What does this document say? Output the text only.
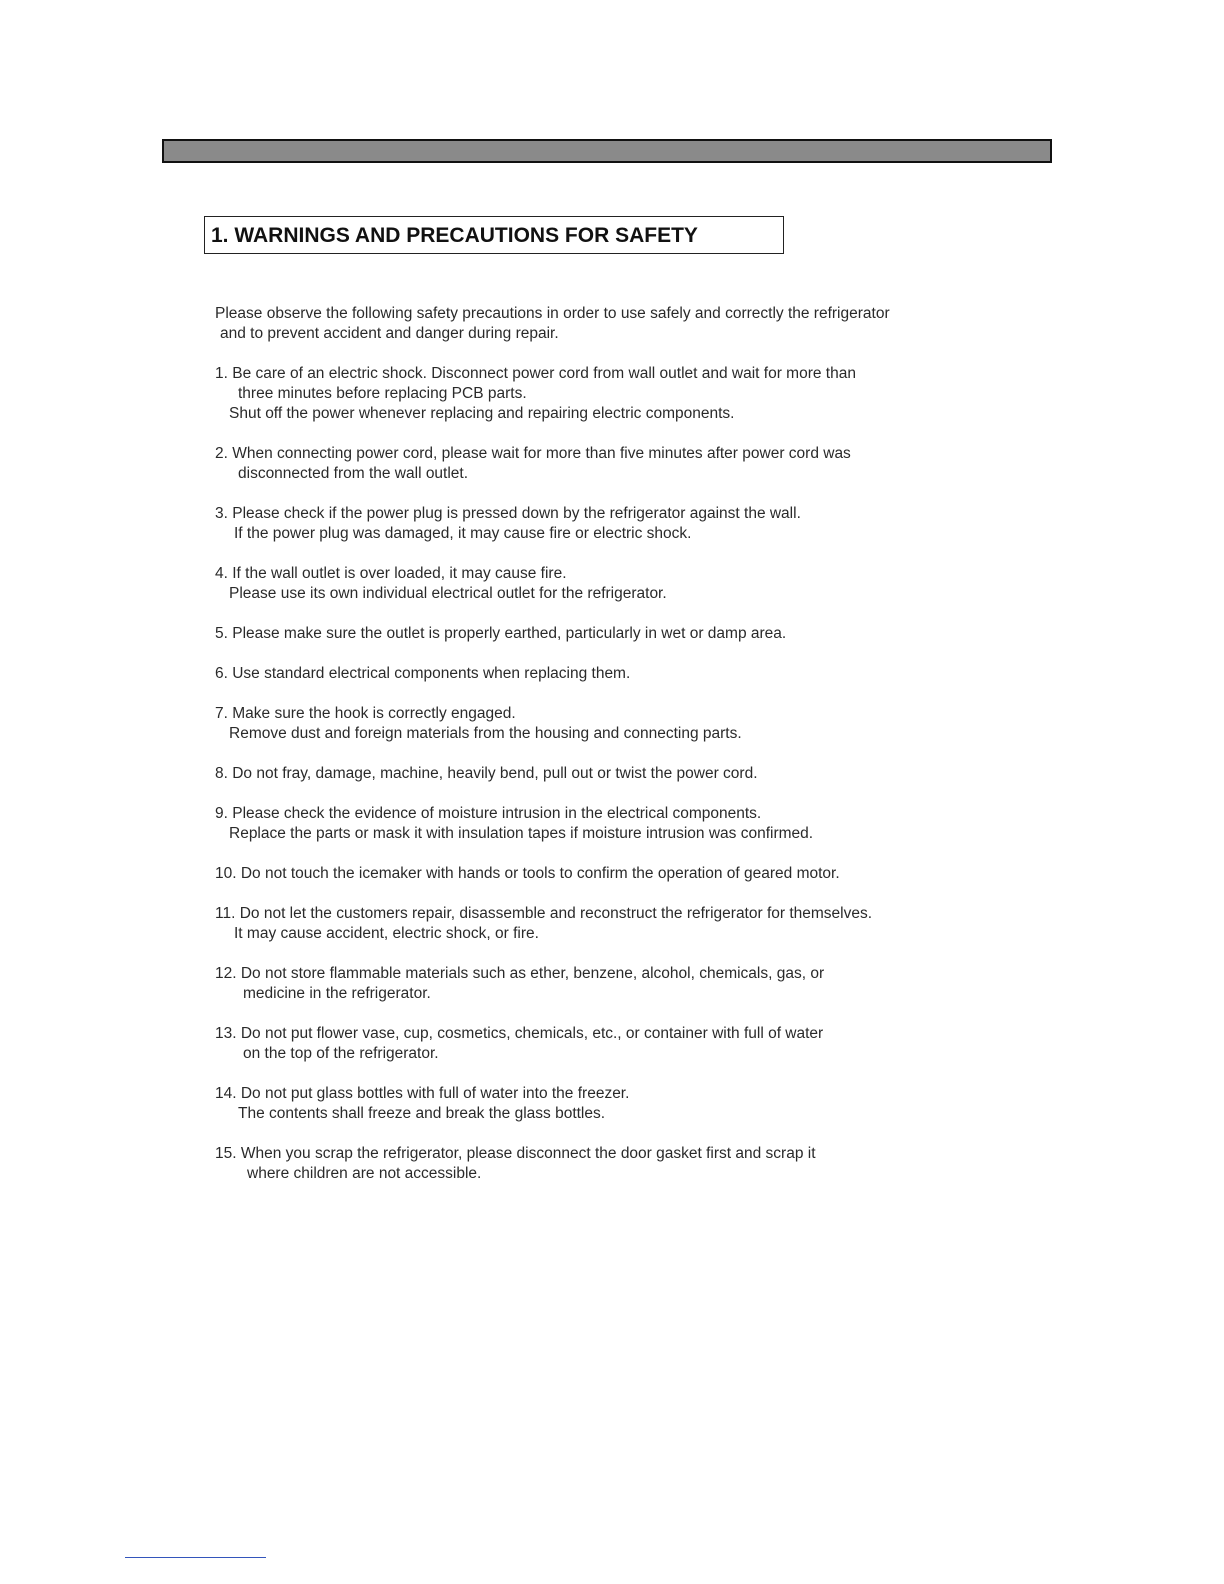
1. WARNINGS AND PRECAUTIONS FOR SAFETY
Please observe the following safety precautions in order to use safely and correctly the refrigerator
and to prevent accident and danger during repair.
1. Be care of an electric shock. Disconnect power cord from wall outlet and wait for more than
three minutes before replacing PCB parts.
Shut off the power whenever replacing and repairing electric components.
2. When connecting power cord, please wait for more than five minutes after power cord was
disconnected from the wall outlet.
3. Please check if the power plug is pressed down by the refrigerator against the wall.
If the power plug was damaged, it may cause fire or electric shock.
4. If the wall outlet is over loaded, it may cause fire.
Please use its own individual electrical outlet for the refrigerator.
5. Please make sure the outlet is properly earthed, particularly in wet or damp area.
6. Use standard electrical components when replacing them.
7. Make sure the hook is correctly engaged.
Remove dust and foreign materials from the housing and connecting parts.
8. Do not fray, damage, machine, heavily bend, pull out or twist the power cord.
9. Please check the evidence of moisture intrusion in the electrical components.
Replace the parts or mask it with insulation tapes if moisture intrusion was confirmed.
10. Do not touch the icemaker with hands or tools to confirm the operation of geared motor.
11. Do not let the customers repair, disassemble and reconstruct the refrigerator for themselves.
It may cause accident, electric shock, or fire.
12. Do not store flammable materials such as ether, benzene, alcohol, chemicals, gas, or
medicine in the refrigerator.
13. Do not put flower vase, cup, cosmetics, chemicals, etc., or container with full of water
on the top of the refrigerator.
14. Do not put glass bottles with full of water into the freezer.
The contents shall freeze and break the glass bottles.
15. When you scrap the refrigerator, please disconnect the door gasket first and scrap it
where children are not accessible.
